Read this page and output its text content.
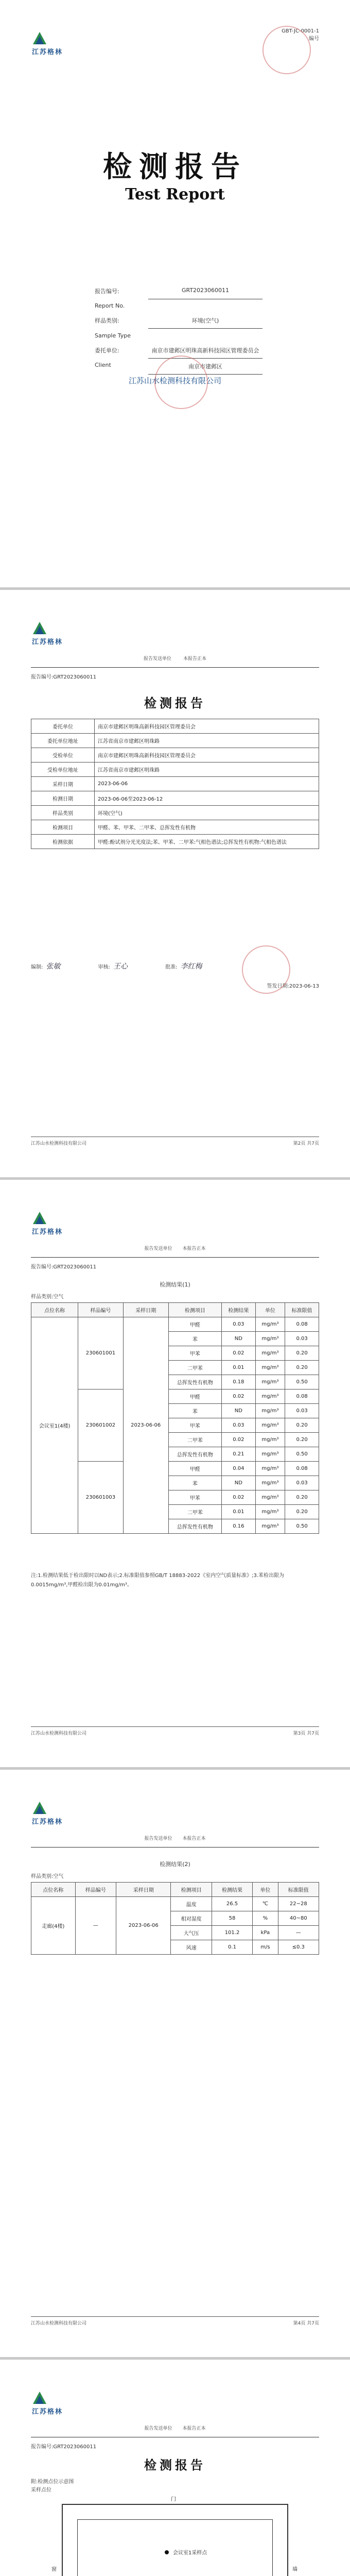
江苏格林
GBT-JC-0001-1
编号
检测报告
Test Report
报告编号:	GRT2023060011
Report No.	
样品类别:	环境(空气)
Sample Type	
委托单位:	南京市建邺区明珠高新科技园区管理委员会
Client	南京市建邺区
江苏山水检测科技有限公司
江苏格林
报告发送单位	本报告正本
报告编号:GRT2023060011
检测报告
委托单位	南京市建邺区明珠高新科技园区管理委员会
委托单位地址	江苏省南京市建邺区明珠路
受检单位	南京市建邺区明珠高新科技园区管理委员会
受检单位地址	江苏省南京市建邺区明珠路
采样日期	2023-06-06
检测日期	2023-06-06至2023-06-12
样品类别	环境(空气)
检测项目	甲醛、苯、甲苯、二甲苯、总挥发性有机物
检测依据	甲醛:酚试剂分光光度法;苯、甲苯、二甲苯:气相色谱法;总挥发性有机物:气相色谱法
编制: 张敏	审核: 王心	批准: 李红梅
签发日期:2023-06-13
江苏山水检测科技有限公司	第2页 共7页
江苏格林
报告发送单位 本报告正本
报告编号:GRT2023060011
检测结果(1)
样品类别:空气
点位名称	样品编号	采样日期	检测项目	检测结果	单位	标准限值
会议室1(4楼)	230601001	2023-06-06	甲醛	0.03	mg/m³	0.08
			苯	ND	mg/m³	0.03
			甲苯	0.02	mg/m³	0.20
			二甲苯	0.01	mg/m³	0.20
			总挥发性有机物	0.18	mg/m³	0.50
	230601002		甲醛	0.02	mg/m³	0.08
			苯	ND	mg/m³	0.03
			甲苯	0.03	mg/m³	0.20
			二甲苯	0.02	mg/m³	0.20
			总挥发性有机物	0.21	mg/m³	0.50
	230601003		甲醛	0.04	mg/m³	0.08
			苯	ND	mg/m³	0.03
			甲苯	0.02	mg/m³	0.20
			二甲苯	0.01	mg/m³	0.20
			总挥发性有机物	0.16	mg/m³	0.50
注:1.检测结果低于检出限时以ND表示;2.标准限值参照GB/T 18883-2022《室内空气质量标准》;3.苯检出限为0.0015mg/m³,甲醛检出限为0.01mg/m³。
江苏山水检测科技有限公司	第3页 共7页
江苏格林
报告发送单位 本报告正本
检测结果(2)
样品类别:空气
点位名称	样品编号	采样日期	检测项目	检测结果	单位	标准限值
走廊(4楼)	—	2023-06-06	温度	26.5	℃	22~28
			相对湿度	58	%	40~80
			大气压	101.2	kPa	—
			风速	0.1	m/s	≤0.3
江苏山水检测科技有限公司	第4页 共7页
江苏格林
报告发送单位 本报告正本
报告编号:GRT2023060011
检测报告
附:检测点位示意图
采样点位
门
窗	墙
会议室1采样点
